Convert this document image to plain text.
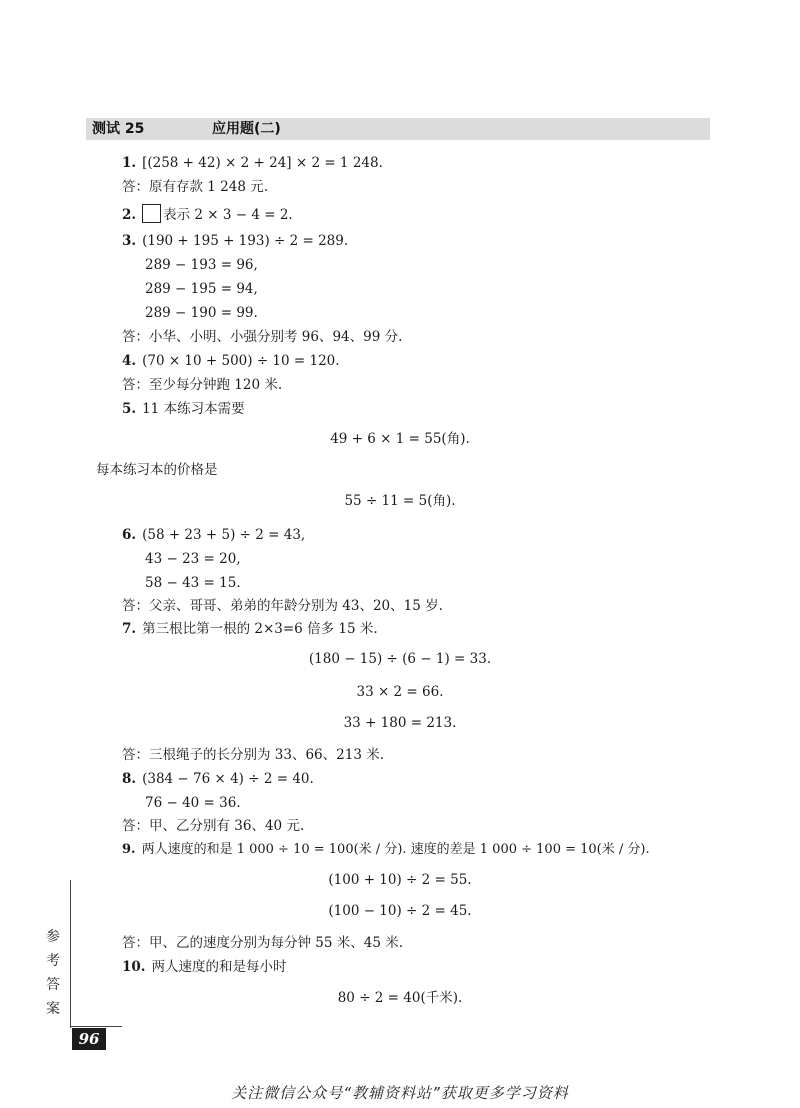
测试 25	应用题(二)
1. [(258 + 42) × 2 + 24] × 2 = 1 248.
答：原有存款 1 248 元.
2. 表示 2 × 3 − 4 = 2.
3. (190 + 195 + 193) ÷ 2 = 289.
289 − 193 = 96,
289 − 195 = 94,
289 − 190 = 99.
答：小华、小明、小强分别考 96、94、99 分.
4. (70 × 10 + 500) ÷ 10 = 120.
答：至少每分钟跑 120 米.
5. 11 本练习本需要
49 + 6 × 1 = 55(角).
每本练习本的价格是
55 ÷ 11 = 5(角).
6. (58 + 23 + 5) ÷ 2 = 43,
43 − 23 = 20,
58 − 43 = 15.
答：父亲、哥哥、弟弟的年龄分别为 43、20、15 岁.
7. 第三根比第一根的 2×3=6 倍多 15 米.
(180 − 15) ÷ (6 − 1) = 33.
33 × 2 = 66.
33 + 180 = 213.
答：三根绳子的长分别为 33、66、213 米.
8. (384 − 76 × 4) ÷ 2 = 40.
76 − 40 = 36.
答：甲、乙分别有 36、40 元.
9. 两人速度的和是 1 000 ÷ 10 = 100(米 / 分). 速度的差是 1 000 ÷ 100 = 10(米 / 分).
(100 + 10) ÷ 2 = 55.
(100 − 10) ÷ 2 = 45.
答：甲、乙的速度分别为每分钟 55 米、45 米.
10. 两人速度的和是每小时
80 ÷ 2 = 40(千米).
参考答案
96
关注微信公众号“教辅资料站”获取更多学习资料
